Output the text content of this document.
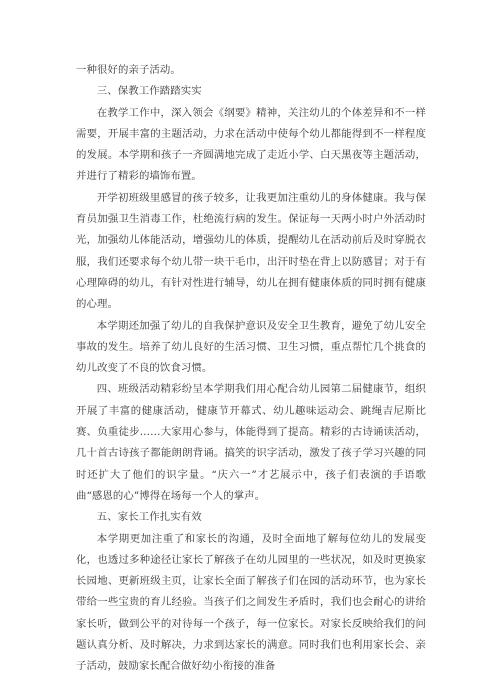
一种很好的亲子活动。

三、保教工作踏踏实实

在教学工作中，深入领会《纲要》精神，关注幼儿的个体差异和不一样需要，开展丰富的主题活动，力求在活动中使每个幼儿都能得到不一样程度的发展。本学期和孩子一齐圆满地完成了走近小学、白天黑夜等主题活动，并进行了精彩的墙饰布置。

开学初班级里感冒的孩子较多，让我更加注重幼儿的身体健康。我与保育员加强卫生消毒工作，杜绝流行病的发生。保证每一天两小时户外活动时光，加强幼儿体能活动，增强幼儿的体质，提醒幼儿在活动前后及时穿脱衣服，我们还要求每个幼儿带一块干毛巾，出汗时垫在背上以防感冒；对于有心理障碍的幼儿，有针对性进行辅导，幼儿在拥有健康体质的同时拥有健康的心理。

本学期还加强了幼儿的自我保护意识及安全卫生教育，避免了幼儿安全事故的发生。培养了幼儿良好的生活习惯、卫生习惯，重点帮忙几个挑食的幼儿改变了不良的饮食习惯。

四、班级活动精彩纷呈本学期我们用心配合幼儿园第二届健康节，组织开展了丰富的健康活动，健康节开幕式、幼儿趣味运动会、跳绳吉尼斯比赛、负重徒步……大家用心参与，体能得到了提高。精彩的古诗诵读活动，几十首古诗孩子都能朗朗背诵。搞笑的识字活动，激发了孩子学习兴趣的同时还扩大了他们的识字量。“庆六一”才艺展示中，孩子们表演的手语歌曲“感恩的心”博得在场每一个人的掌声。

五、家长工作扎实有效

本学期更加注重了和家长的沟通，及时全面地了解每位幼儿的发展变化，也透过多种途径让家长了解孩子在幼儿园里的一些状况，如及时更换家长园地、更新班级主页，让家长全面了解孩子们在园的活动环节，也为家长带给一些宝贵的育儿经验。当孩子们之间发生矛盾时，我们也会耐心的讲给家长听，做到公平的对待每一个孩子，每一位家长。对家长反映给我们的问题认真分析、及时解决，力求到达家长的满意。同时我们也利用家长会、亲子活动，鼓励家长配合做好幼小衔接的准备
